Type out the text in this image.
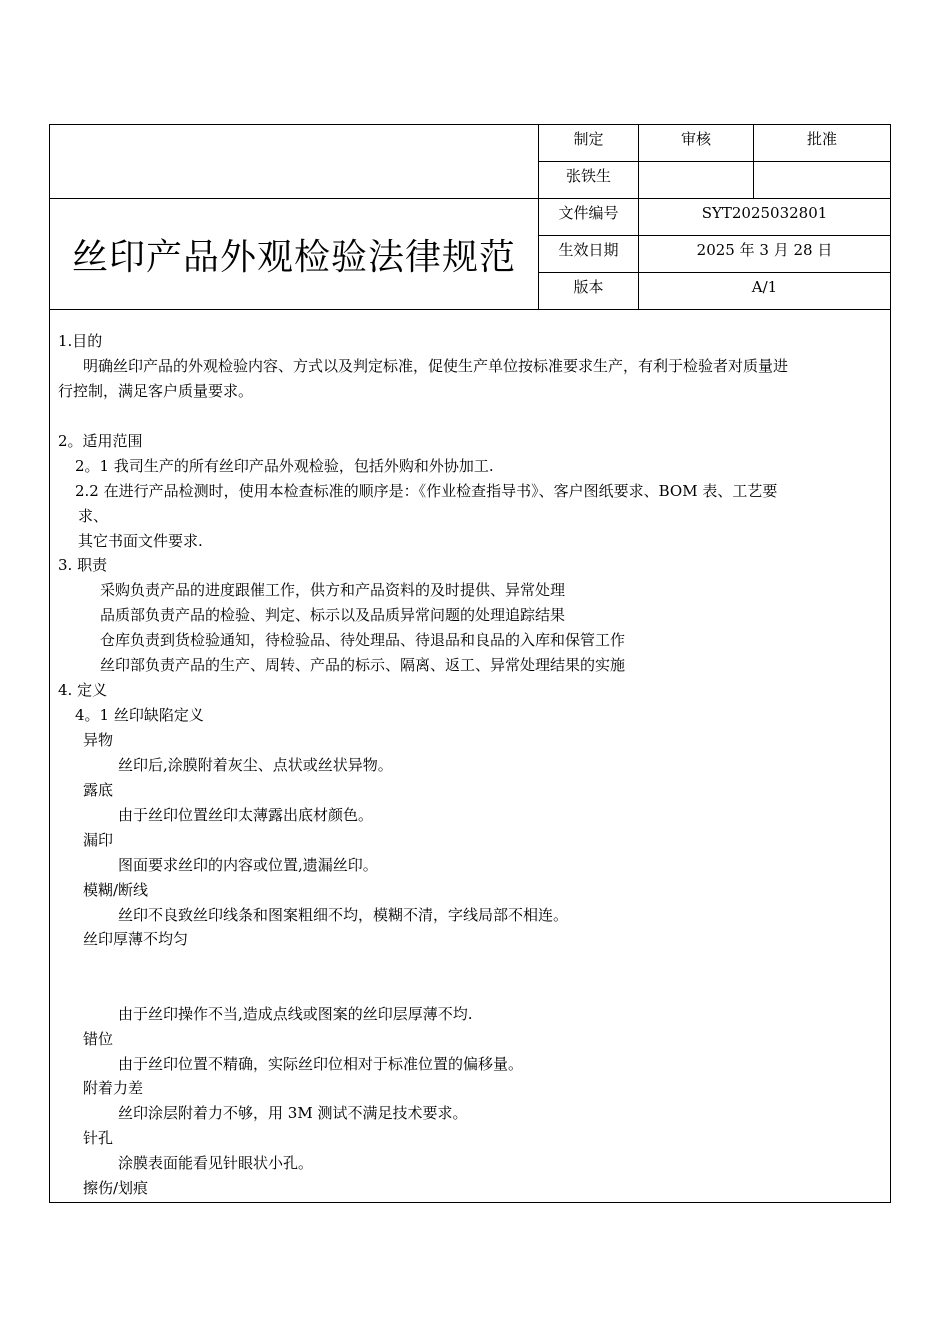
制定	审核	批准
张铁生
丝印产品外观检验法律规范
文件编号	SYT2025032801
生效日期	2025 年 3 月 28 日
版本	A/1
1.目的
明确丝印产品的外观检验内容、方式以及判定标准，促使生产单位按标准要求生产，有利于检验者对质量进
行控制，满足客户质量要求。
2。适用范围
2。1 我司生产的所有丝印产品外观检验，包括外购和外协加工.
2.2 在进行产品检测时，使用本检查标准的顺序是：《作业检查指导书》、客户图纸要求、BOM 表、工艺要
求、
其它书面文件要求.
3. 职责
采购负责产品的进度跟催工作，供方和产品资料的及时提供、异常处理
品质部负责产品的检验、判定、标示以及品质异常问题的处理追踪结果
仓库负责到货检验通知，待检验品、待处理品、待退品和良品的入库和保管工作
丝印部负责产品的生产、周转、产品的标示、隔离、返工、异常处理结果的实施
4. 定义
4。1 丝印缺陷定义
异物
丝印后,涂膜附着灰尘、点状或丝状异物。
露底
由于丝印位置丝印太薄露出底材颜色。
漏印
图面要求丝印的内容或位置,遗漏丝印。
模糊/断线
丝印不良致丝印线条和图案粗细不均，模糊不清，字线局部不相连。
丝印厚薄不均匀
由于丝印操作不当,造成点线或图案的丝印层厚薄不均.
错位
由于丝印位置不精确，实际丝印位相对于标准位置的偏移量。
附着力差
丝印涂层附着力不够，用 3M 测试不满足技术要求。
针孔
涂膜表面能看见针眼状小孔。
擦伤/划痕
